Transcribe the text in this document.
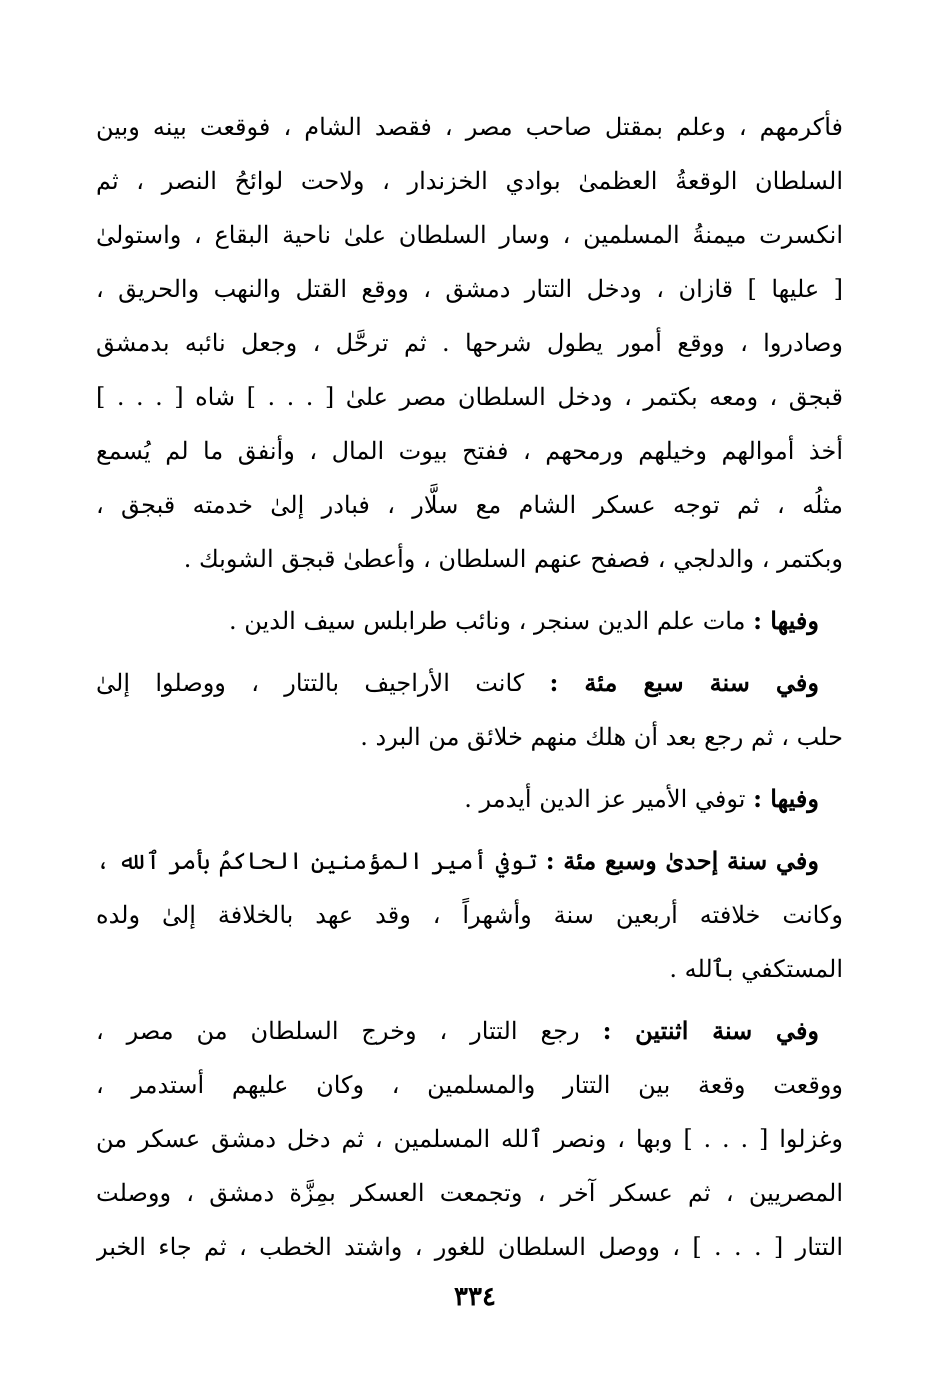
فأكرمهم ، وعلم بمقتل صاحب مصر ، فقصد الشام ، فوقعت بينه وبين
السلطان الوقعةُ العظمىٰ بوادي الخزندار ، ولاحت لوائحُ النصر ، ثم
انكسرت ميمنةُ المسلمين ، وسار السلطان علىٰ ناحية البقاع ، واستولىٰ
[ عليها ] قازان ، ودخل التتار دمشق ، ووقع القتل والنهب والحريق ،
وصادروا ، ووقع أمور يطول شرحها . ثم ترحَّل ، وجعل نائبه بدمشق
قبجق ، ومعه بكتمر ، ودخل السلطان مصر علىٰ [ . . . ] شاه [ . . . ]
أخذ أموالهم وخيلهم ورمحهم ، ففتح بيوت المال ، وأنفق ما لم يُسمع
مثلُه ، ثم توجه عسكر الشام مع سلَّار ، فبادر إلىٰ خدمته قبجق ،
وبكتمر ، والدلجي ، فصفح عنهم السلطان ، وأعطىٰ قبجق الشوبك .
 وفيها : مات علم الدين سنجر ، ونائب طرابلس سيف الدين .
 وفي سنة سبع مئة : كانت الأراجيف بالتتار ، ووصلوا إلىٰ
حلب ، ثم رجع بعد أن هلك منهم خلائق من البرد .
 وفيها : توفي الأمير عز الدين أيدمر .
 وفي سنة إحدىٰ وسبع مئة : توفي أمير المؤمنين الحاكمُ بأمر ٱلله ،
وكانت خلافته أربعين سنة وأشهراً ، وقد عهد بالخلافة إلىٰ ولده
المستكفي بٱلله .
 وفي سنة اثنتين : رجع التتار ، وخرج السلطان من مصر ،
ووقعت وقعة بين التتار والمسلمين ، وكان عليهم أستدمر ،
وغزلوا [ . . . ] وبها ، ونصر ٱلله المسلمين ، ثم دخل دمشق عسكر من
المصريين ، ثم عسكر آخر ، وتجمعت العسكر بمِزَّة دمشق ، ووصلت
التتار [ . . . ] ، ووصل السلطان للغور ، واشتد الخطب ، ثم جاء الخبر
٣٣٤
